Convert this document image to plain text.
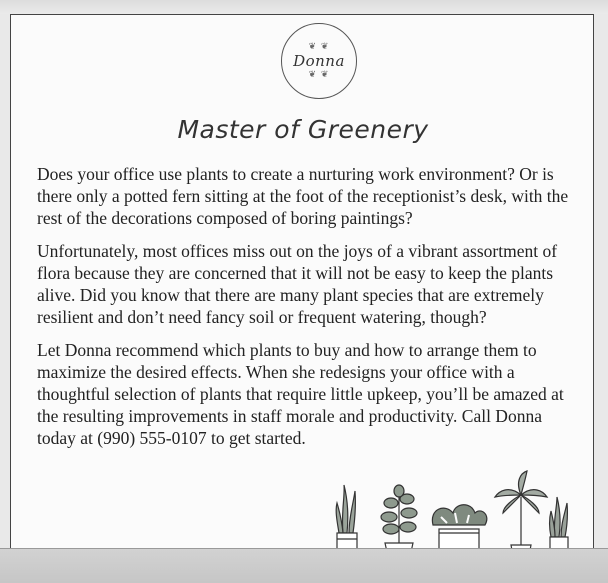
❦ ❦
Donna
❦ ❦
Master of Greenery

Does your office use plants to create a nurturing work environment? Or is there only a potted fern sitting at the foot of the receptionist’s desk, with the rest of the decorations composed of boring paintings?

Unfortunately, most offices miss out on the joys of a vibrant assortment of flora because they are concerned that it will not be easy to keep the plants alive. Did you know that there are many plant species that are extremely resilient and don’t need fancy soil or frequent watering, though?

Let Donna recommend which plants to buy and how to arrange them to maximize the desired effects. When she redesigns your office with a thoughtful selection of plants that require little upkeep, you’ll be amazed at the resulting improvements in staff morale and productivity. Call Donna today at (990) 555-0107 to get started.
